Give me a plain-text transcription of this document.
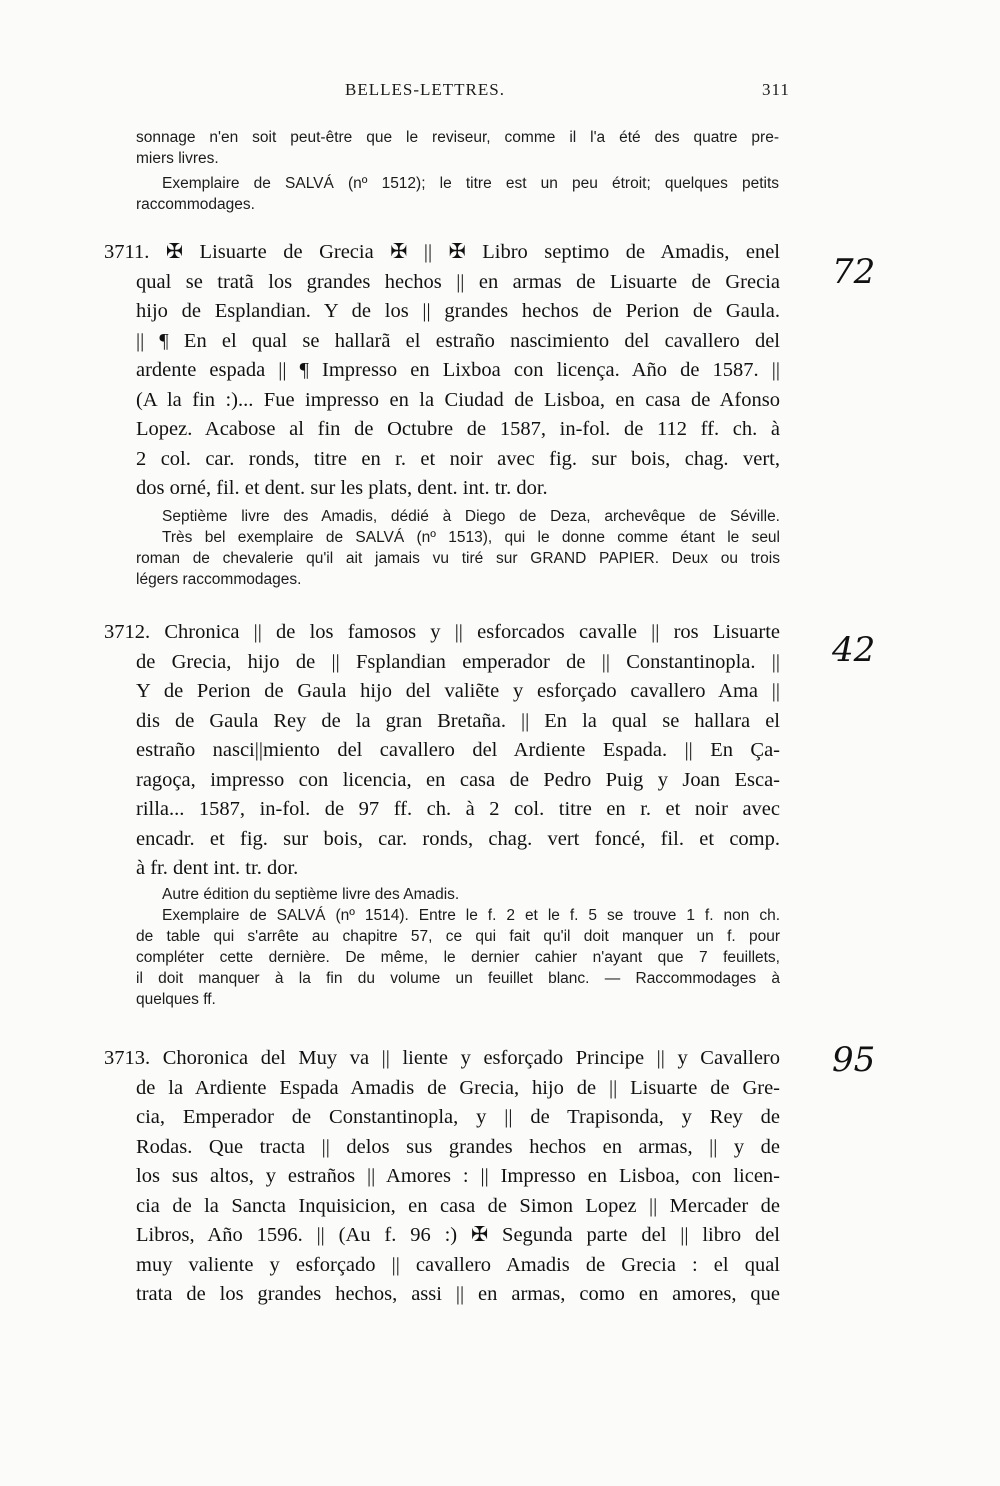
BELLES-LETTRES.	311
sonnage n'en soit peut-être que le reviseur, comme il l'a été des quatre pre-
miers livres.
Exemplaire de SALVÁ (nº 1512); le titre est un peu étroit; quelques petits
raccommodages.
3711. ✠ Lisuarte de Grecia ✠ || ✠ Libro septimo de Amadis, enel
qual se tratã los grandes hechos || en armas de Lisuarte de Grecia
hijo de Esplandian. Y de los || grandes hechos de Perion de Gaula.
|| ¶ En el qual se hallarã el estraño nascimiento del cavallero del
ardente espada || ¶ Impresso en Lixboa con licença. Año de 1587. ||
(A la fin :)... Fue impresso en la Ciudad de Lisboa, en casa de Afonso
Lopez. Acabose al fin de Octubre de 1587, in-fol. de 112 ff. ch. à
2 col. car. ronds, titre en r. et noir avec fig. sur bois, chag. vert,
dos orné, fil. et dent. sur les plats, dent. int. tr. dor.
72
Septième livre des Amadis, dédié à Diego de Deza, archevêque de Séville.
Très bel exemplaire de SALVÁ (nº 1513), qui le donne comme étant le seul
roman de chevalerie qu'il ait jamais vu tiré sur GRAND PAPIER. Deux ou trois
légers raccommodages.
3712. Chronica || de los famosos y || esforcados cavalle || ros Lisuarte
de Grecia, hijo de || Fsplandian emperador de || Constantinopla. ||
Y de Perion de Gaula hijo del valiẽte y esforçado cavallero Ama ||
dis de Gaula Rey de la gran Bretaña. || En la qual se hallara el
estraño nasci||miento del cavallero del Ardiente Espada. || En Ça-
ragoça, impresso con licencia, en casa de Pedro Puig y Joan Esca-
rilla... 1587, in-fol. de 97 ff. ch. à 2 col. titre en r. et noir avec
encadr. et fig. sur bois, car. ronds, chag. vert foncé, fil. et comp.
à fr. dent int. tr. dor.
42
Autre édition du septième livre des Amadis.
Exemplaire de SALVÁ (nº 1514). Entre le f. 2 et le f. 5 se trouve 1 f. non ch.
de table qui s'arrête au chapitre 57, ce qui fait qu'il doit manquer un f. pour
compléter cette dernière. De même, le dernier cahier n'ayant que 7 feuillets,
il doit manquer à la fin du volume un feuillet blanc. — Raccommodages à
quelques ff.
3713. Choronica del Muy va || liente y esforçado Principe || y Cavallero
de la Ardiente Espada Amadis de Grecia, hijo de || Lisuarte de Gre-
cia, Emperador de Constantinopla, y || de Trapisonda, y Rey de
Rodas. Que tracta || delos sus grandes hechos en armas, || y de
los sus altos, y estraños || Amores : || Impresso en Lisboa, con licen-
cia de la Sancta Inquisicion, en casa de Simon Lopez || Mercader de
Libros, Año 1596. || (Au f. 96 :) ✠ Segunda parte del || libro del
muy valiente y esforçado || cavallero Amadis de Grecia : el qual
trata de los grandes hechos, assi || en armas, como en amores, que
95
